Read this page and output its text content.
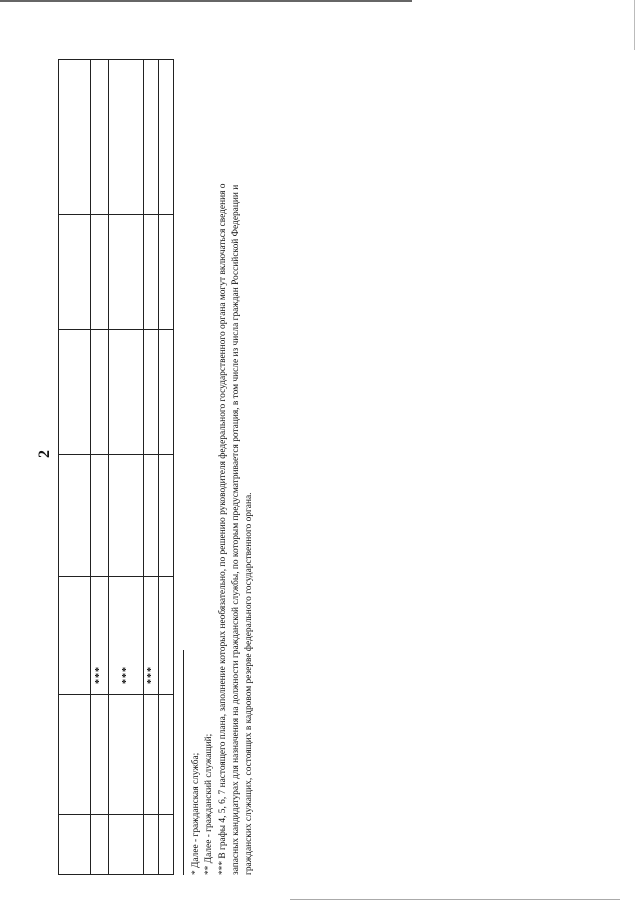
2

		***				
		***				
		***				

* Далее - гражданская служба; ** Далее - гражданский служащий; *** В графы 4, 5, 6, 7 настоящего плана, заполнение которых необязательно, по решению руководителя федерального государственного органа могут включаться сведения о запасных кандидатурах для назначения на должности гражданской службы, по которым предусматривается ротация, в том числе из числа граждан Российской Федерации и гражданских служащих, состоящих в кадровом резерве федерального государственного органа.
